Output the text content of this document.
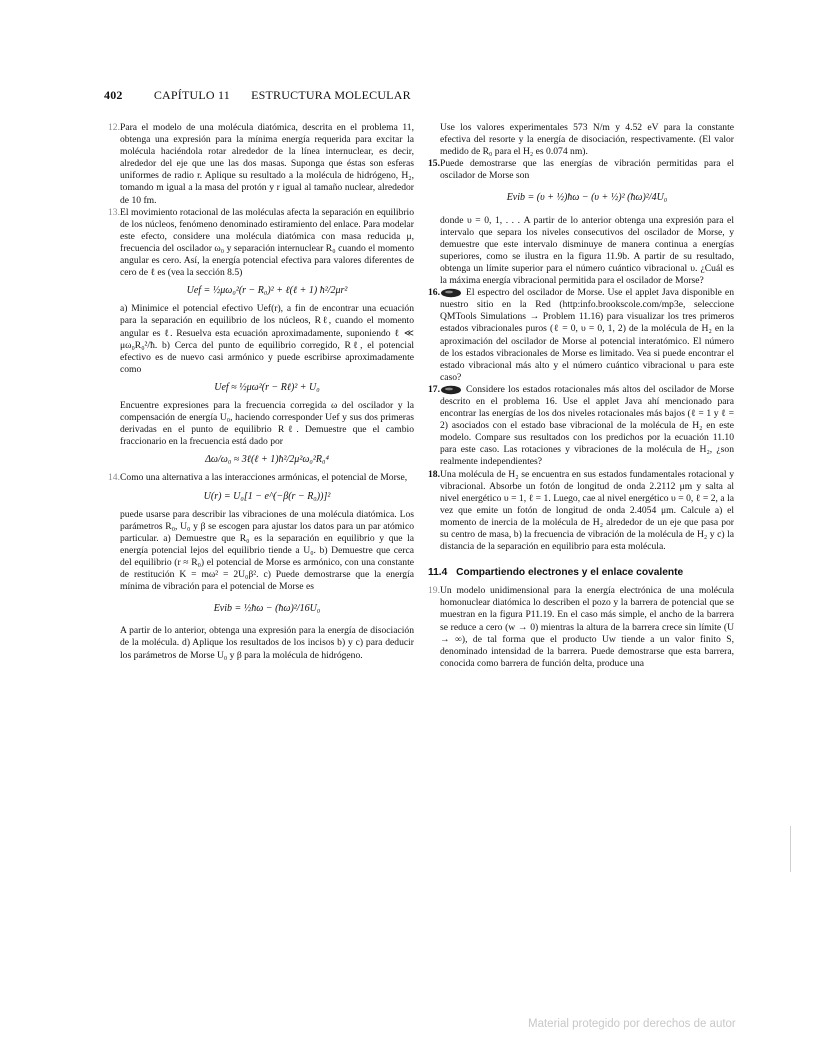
402	CAPÍTULO 11 ESTRUCTURA MOLECULAR
12. Para el modelo de una molécula diatómica, descrita en el problema 11, obtenga una expresión para la mínima energía requerida para excitar la molécula haciéndola rotar alrededor de la línea internuclear, es decir, alrededor del eje que une las dos masas. Suponga que éstas son esferas uniformes de radio r. Aplique su resultado a la molécula de hidrógeno, H₂, tomando m igual a la masa del protón y r igual al tamaño nuclear, alrededor de 10 fm.

13. El movimiento rotacional de las moléculas afecta la separación en equilibrio de los núcleos, fenómeno denominado estiramiento del enlace. Para modelar este efecto, considere una molécula diatómica con masa reducida μ, frecuencia del oscilador ω₀ y separación internuclear R₀ cuando el momento angular es cero. Así, la energía potencial efectiva para valores diferentes de cero de ℓ es (vea la sección 8.5)

Uef = ½μω₀²(r − R₀)² + ℓ(ℓ + 1) ħ²/2μr²

a) Minimice el potencial efectivo Uef(r), a fin de encontrar una ecuación para la separación en equilibrio de los núcleos, Rℓ, cuando el momento angular es ℓ. Resuelva esta ecuación aproximadamente, suponiendo ℓ ≪ μω₀R₀²/ħ. b) Cerca del punto de equilibrio corregido, Rℓ, el potencial efectivo es de nuevo casi armónico y puede escribirse aproximadamente como

Uef ≈ ½μω²(r − Rℓ)² + U₀

Encuentre expresiones para la frecuencia corregida ω del oscilador y la compensación de energía U₀, haciendo corresponder Uef y sus dos primeras derivadas en el punto de equilibrio Rℓ. Demuestre que el cambio fraccionario en la frecuencia está dado por

Δω/ω₀ ≈ 3ℓ(ℓ + 1)ħ²/2μ²ω₀²R₀⁴
14. Como una alternativa a las interacciones armónicas, el potencial de Morse,

U(r) = U₀[1 − e^(−β(r − R₀))]²

puede usarse para describir las vibraciones de una molécula diatómica. Los parámetros R₀, U₀ y β se escogen para ajustar los datos para un par atómico particular. a) Demuestre que R₀ es la separación en equilibrio y que la energía potencial lejos del equilibrio tiende a U₀. b) Demuestre que cerca del equilibrio (r ≈ R₀) el potencial de Morse es armónico, con una constante de restitución K = mω² = 2U₀β². c) Puede demostrarse que la energía mínima de vibración para el potencial de Morse es

Evib = ½ħω − (ħω)²/16U₀

A partir de lo anterior, obtenga una expresión para la energía de disociación de la molécula. d) Aplique los resultados de los incisos b) y c) para deducir los parámetros de Morse U₀ y β para la molécula de hidrógeno.

Use los valores experimentales 573 N/m y 4.52 eV para la constante efectiva del resorte y la energía de disociación, respectivamente. (El valor medido de R₀ para el H₂ es 0.074 nm).

15. Puede demostrarse que las energías de vibración permitidas para el oscilador de Morse son

Evib = (υ + ½)ħω − (υ + ½)² (ħω)²/4U₀

donde υ = 0, 1, . . . A partir de lo anterior obtenga una expresión para el intervalo que separa los niveles consecutivos del oscilador de Morse, y demuestre que este intervalo disminuye de manera continua a energías superiores, como se ilustra en la figura 11.9b. A partir de su resultado, obtenga un límite superior para el número cuántico vibracional υ. ¿Cuál es la máxima energía vibracional permitida para el oscilador de Morse?

16.	El espectro del oscilador de Morse. Use el applet Java disponible en nuestro sitio en la Red (http:info.brookscole.com/mp3e, seleccione QMTools Simulations → Problem 11.16) para visualizar los tres primeros estados vibracionales puros (ℓ = 0, υ = 0, 1, 2) de la molécula de H₂ en la aproximación del oscilador de Morse al potencial interatómico. El número de los estados vibracionales de Morse es limitado. Vea si puede encontrar el estado vibracional más alto y el número cuántico vibracional υ para este caso?

17.	Considere los estados rotacionales más altos del oscilador de Morse descrito en el problema 16. Use el applet Java ahí mencionado para encontrar las energías de los dos niveles rotacionales más bajos (ℓ = 1 y ℓ = 2) asociados con el estado base vibracional de la molécula de H₂ en este modelo. Compare sus resultados con los predichos por la ecuación 11.10 para este caso. Las rotaciones y vibraciones de la molécula de H₂, ¿son realmente independientes?

18. Una molécula de H₂ se encuentra en sus estados fundamentales rotacional y vibracional. Absorbe un fotón de longitud de onda 2.2112 μm y salta al nivel energético υ = 1, ℓ = 1. Luego, cae al nivel energético υ = 0, ℓ = 2, a la vez que emite un fotón de longitud de onda 2.4054 μm. Calcule a) el momento de inercia de la molécula de H₂ alrededor de un eje que pasa por su centro de masa, b) la frecuencia de vibración de la molécula de H₂ y c) la distancia de la separación en equilibrio para esta molécula.

11.4 Compartiendo electrones y el enlace covalente
19. Un modelo unidimensional para la energía electrónica de una molécula homonuclear diatómica lo describen el pozo y la barrera de potencial que se muestran en la figura P11.19. En el caso más simple, el ancho de la barrera se reduce a cero (w → 0) mientras la altura de la barrera crece sin límite (U → ∞), de tal forma que el producto Uw tiende a un valor finito S, denominado intensidad de la barrera. Puede demostrarse que esta barrera, conocida como barrera de función delta, produce una

Material protegido por derechos de autor
